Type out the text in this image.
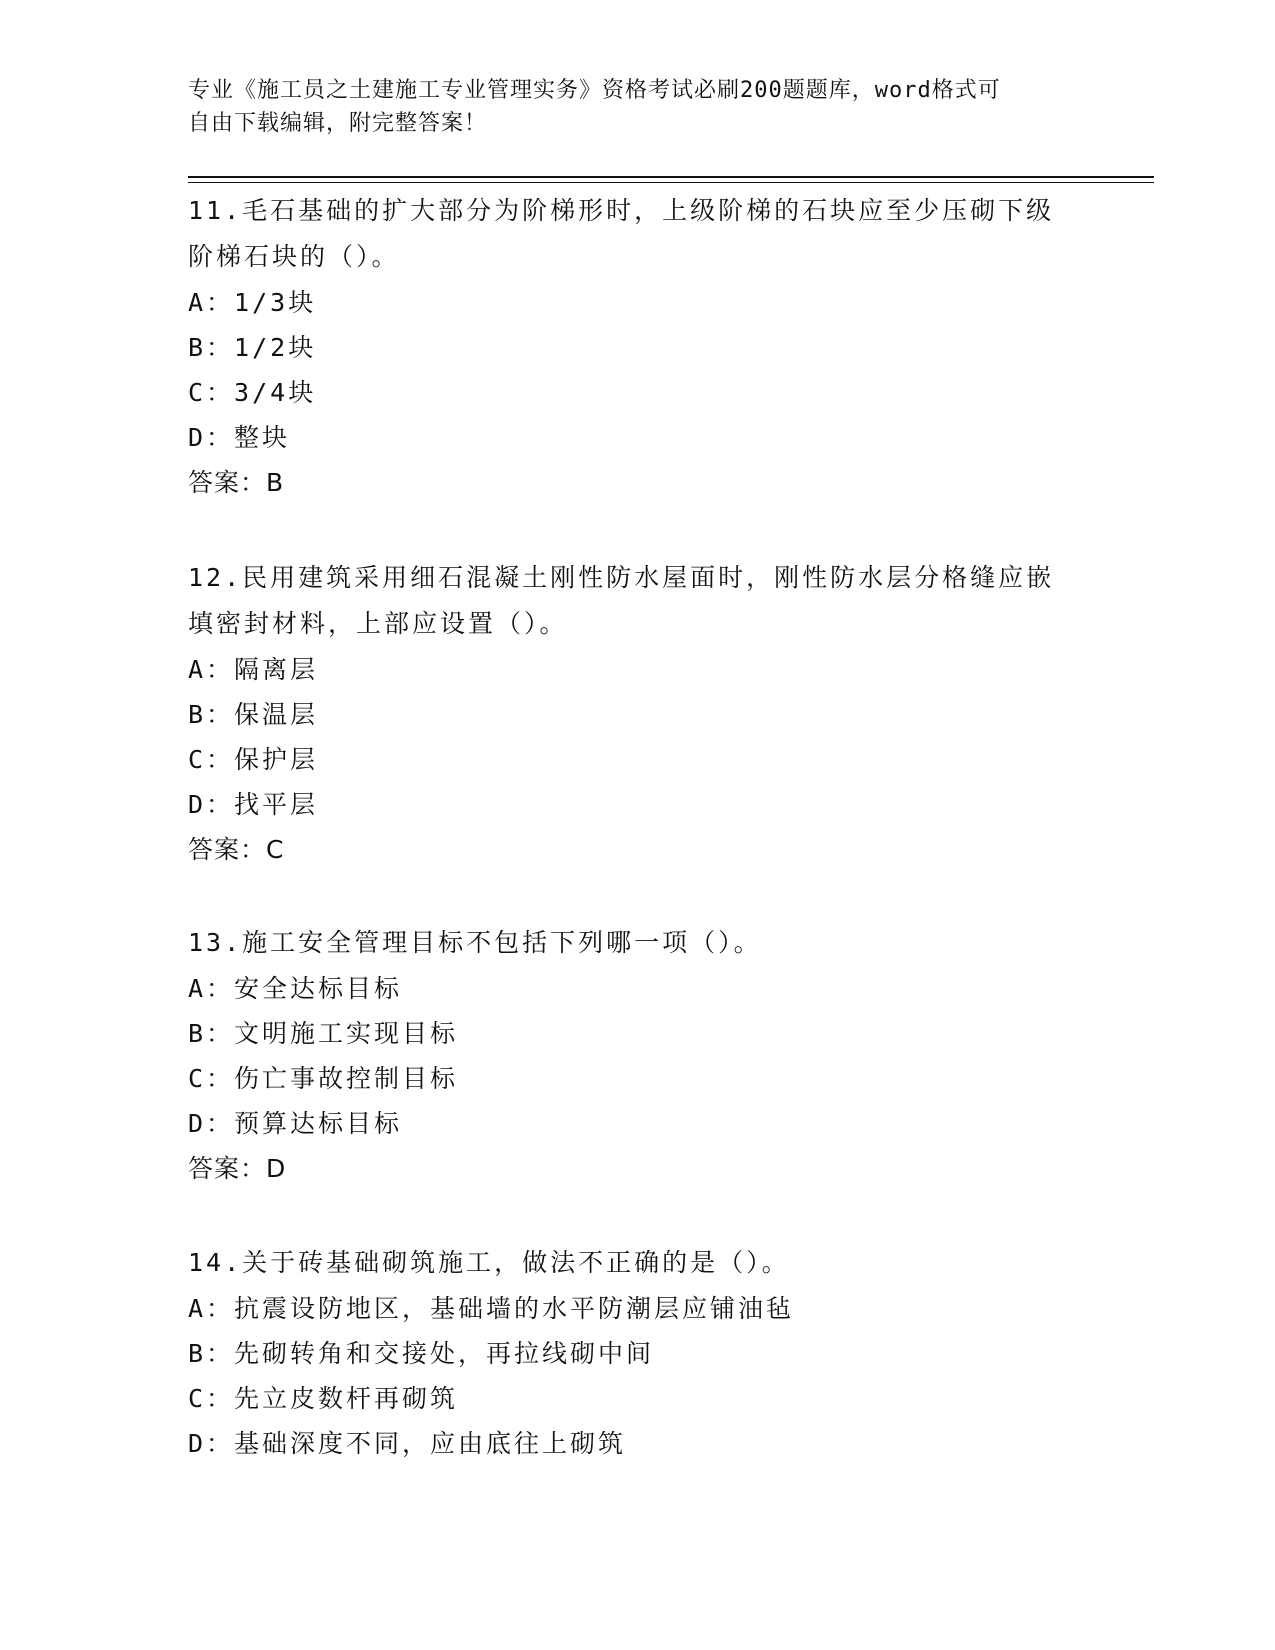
专业《施工员之土建施工专业管理实务》资格考试必刷200题题库，word格式可
自由下载编辑，附完整答案！
11.毛石基础的扩大部分为阶梯形时，上级阶梯的石块应至少压砌下级
阶梯石块的（）。
A：1/3块
B：1/2块
C：3/4块
D：整块
答案：B
12.民用建筑采用细石混凝土刚性防水屋面时，刚性防水层分格缝应嵌
填密封材料，上部应设置（）。
A：隔离层
B：保温层
C：保护层
D：找平层
答案：C
13.施工安全管理目标不包括下列哪一项（）。
A：安全达标目标
B：文明施工实现目标
C：伤亡事故控制目标
D：预算达标目标
答案：D
14.关于砖基础砌筑施工，做法不正确的是（）。
A：抗震设防地区，基础墙的水平防潮层应铺油毡
B：先砌转角和交接处，再拉线砌中间
C：先立皮数杆再砌筑
D：基础深度不同，应由底往上砌筑
